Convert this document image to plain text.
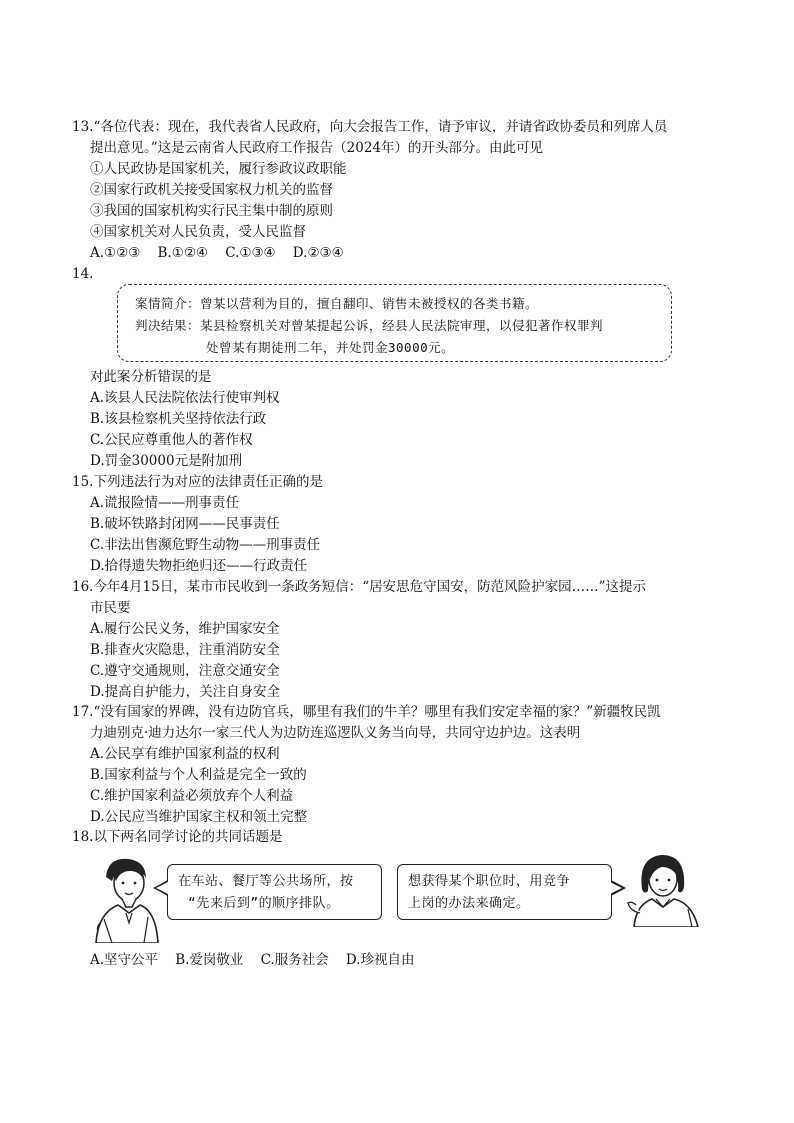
13.“各位代表：现在，我代表省人民政府，向大会报告工作，请予审议，并请省政协委员和列席人员
提出意见。”这是云南省人民政府工作报告（2024年）的开头部分。由此可见
①人民政协是国家机关，履行参政议政职能
②国家行政机关接受国家权力机关的监督
③我国的国家机构实行民主集中制的原则
④国家机关对人民负责，受人民监督
A.①②③    B.①②④    C.①③④    D.②③④
14.
案情简介：曾某以营利为目的，擅自翻印、销售未被授权的各类书籍。
判决结果：某县检察机关对曾某提起公诉，经县人民法院审理，以侵犯著作权罪判
处曾某有期徒刑二年，并处罚金30000元。
对此案分析错误的是
A.该县人民法院依法行使审判权
B.该县检察机关坚持依法行政
C.公民应尊重他人的著作权
D.罚金30000元是附加刑
15.下列违法行为对应的法律责任正确的是
A.谎报险情——刑事责任
B.破坏铁路封闭网——民事责任
C.非法出售濒危野生动物——刑事责任
D.拾得遗失物拒绝归还——行政责任
16.今年4月15日，某市市民收到一条政务短信：“居安思危守国安，防范风险护家园……”这提示
市民要
A.履行公民义务，维护国家安全
B.排查火灾隐患，注重消防安全
C.遵守交通规则，注意交通安全
D.提高自护能力，关注自身安全
17.“没有国家的界碑，没有边防官兵，哪里有我们的牛羊？哪里有我们安定幸福的家？”新疆牧民凯
力迪别克·迪力达尔一家三代人为边防连巡逻队义务当向导，共同守边护边。这表明
A.公民享有维护国家利益的权利
B.国家利益与个人利益是完全一致的
C.维护国家利益必须放弃个人利益
D.公民应当维护国家主权和领土完整
18.以下两名同学讨论的共同话题是
在车站、餐厅等公共场所，按
“先来后到”的顺序排队。
想获得某个职位时，用竞争
上岗的办法来确定。
A.坚守公平    B.爱岗敬业    C.服务社会    D.珍视自由
